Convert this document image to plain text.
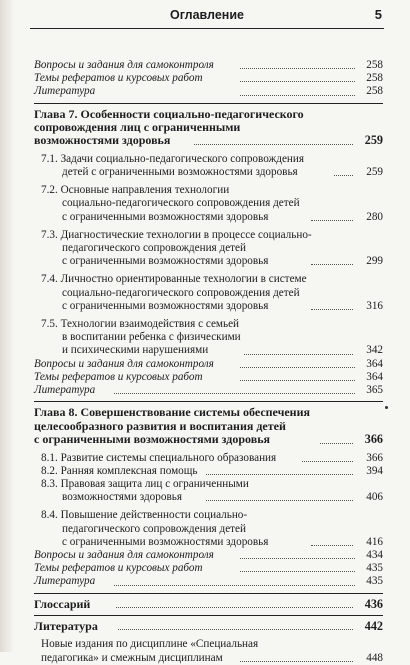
Оглавление	5
Вопросы и задания для самоконтроля	258
Темы рефератов и курсовых работ	258
Литература	258
Глава 7. Особенности социально-педагогического
сопровождения лиц с ограниченными
возможностями здоровья	259
7.1. Задачи социально-педагогического сопровождения
детей с ограниченными возможностями здоровья	259
7.2. Основные направления технологии
социально-педагогического сопровождения детей
с ограниченными возможностями здоровья	280
7.3. Диагностические технологии в процессе социально-
педагогического сопровождения детей
с ограниченными возможностями здоровья	299
7.4. Личностно ориентированные технологии в системе
социально-педагогического сопровождения детей
с ограниченными возможностями здоровья	316
7.5. Технологии взаимодействия с семьей
в воспитании ребенка с физическими
и психическими нарушениями	342
Вопросы и задания для самоконтроля	364
Темы рефератов и курсовых работ	364
Литература	365
Глава 8. Совершенствование системы обеспечения
целесообразного развития и воспитания детей
с ограниченными возможностями здоровья	366
8.1. Развитие системы специального образования	366
8.2. Ранняя комплексная помощь	394
8.3. Правовая защита лиц с ограниченными
возможностями здоровья	406
8.4. Повышение действенности социально-
педагогического сопровождения детей
с ограниченными возможностями здоровья	416
Вопросы и задания для самоконтроля	434
Темы рефератов и курсовых работ	435
Литература	435
Глоссарий	436
Литература	442
Новые издания по дисциплине «Специальная
педагогика» и смежным дисциплинам	448
